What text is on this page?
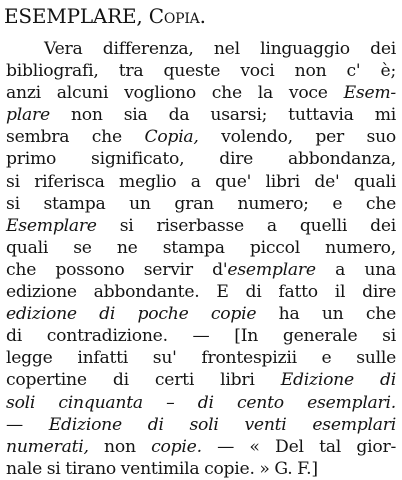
ESEMPLARE, Copia.
Vera differenza, nel linguaggio dei
bibliografi, tra queste voci non c' è;
anzi alcuni vogliono che la voce Esem-
plare non sia da usarsi; tuttavia mi
sembra che Copia, volendo, per suo
primo significato, dire abbondanza,
si riferisca meglio a que' libri de' quali
si stampa un gran numero; e che
Esemplare si riserbasse a quelli dei
quali se ne stampa piccol numero,
che possono servir d'esemplare a una
edizione abbondante. E di fatto il dire
edizione di poche copie ha un che
di contradizione. — [In generale si
legge infatti su' frontespizii e sulle
copertine di certi libri Edizione di
soli cinquanta – di cento esemplari.
— Edizione di soli venti esemplari
numerati, non copie. — « Del tal gior-
nale si tirano ventimila copie. » G. F.]
